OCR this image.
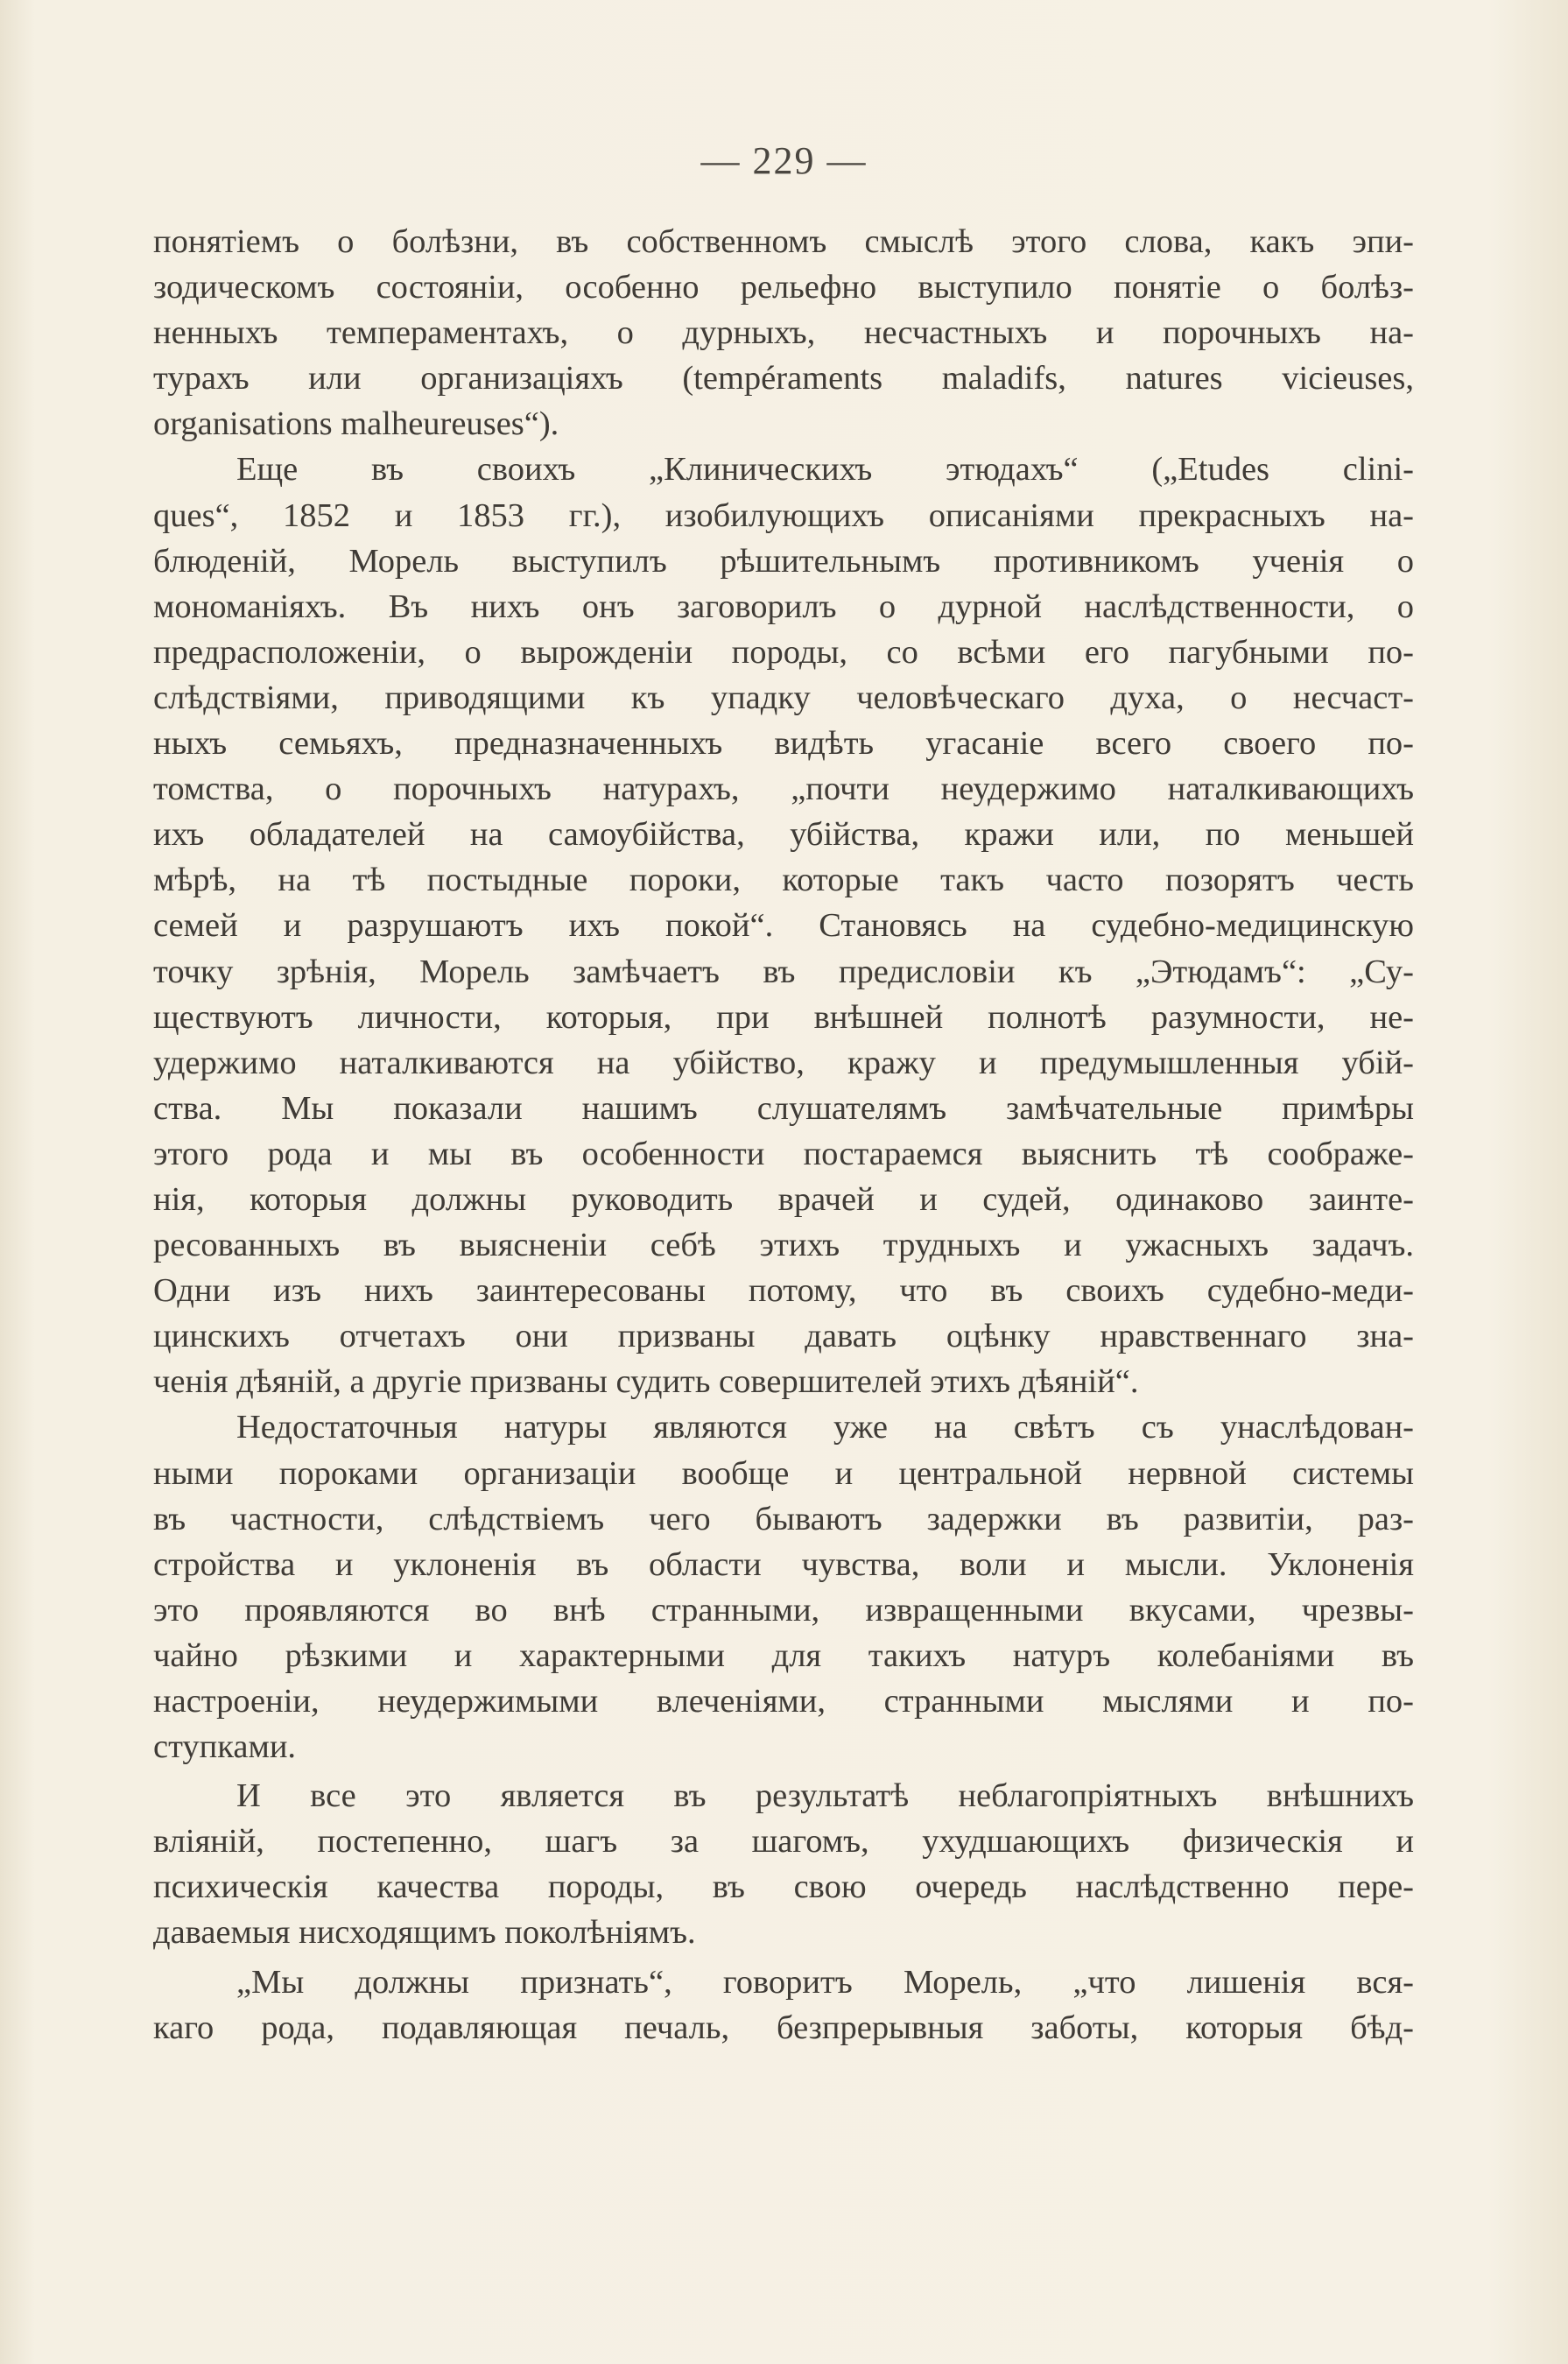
— 229 —
понятіемъ о болѣзни, въ собственномъ смыслѣ этого слова, какъ эпи-
зодическомъ состояніи, особенно рельефно выступило понятіе о болѣз-
ненныхъ темпераментахъ, о дурныхъ, несчастныхъ и порочныхъ на-
турахъ или организаціяхъ (tempéraments maladifs, natures vicieuses,
organisations malheureuses“).
Еще въ своихъ „Клиническихъ этюдахъ“ („Etudes clini-
ques“, 1852 и 1853 гг.), изобилующихъ описаніями прекрасныхъ на-
блюденій, Морель выступилъ рѣшительнымъ противникомъ ученія о
мономаніяхъ. Въ нихъ онъ заговорилъ о дурной наслѣдственности, о
предрасположеніи, о вырожденіи породы, со всѣми его пагубными по-
слѣдствіями, приводящими къ упадку человѣческаго духа, о несчаст-
ныхъ семьяхъ, предназначенныхъ видѣть угасаніе всего своего по-
томства, о порочныхъ натурахъ, „почти неудержимо наталкивающихъ
ихъ обладателей на самоубійства, убійства, кражи или, по меньшей
мѣрѣ, на тѣ постыдные пороки, которые такъ часто позорятъ честь
семей и разрушаютъ ихъ покой“. Становясь на судебно-медицинскую
точку зрѣнія, Морель замѣчаетъ въ предисловіи къ „Этюдамъ“: „Су-
ществуютъ личности, которыя, при внѣшней полнотѣ разумности, не-
удержимо наталкиваются на убійство, кражу и предумышленныя убій-
ства. Мы показали нашимъ слушателямъ замѣчательные примѣры
этого рода и мы въ особенности постараемся выяснить тѣ соображе-
нія, которыя должны руководить врачей и судей, одинаково заинте-
ресованныхъ въ выясненіи себѣ этихъ трудныхъ и ужасныхъ задачъ.
Одни изъ нихъ заинтересованы потому, что въ своихъ судебно-меди-
цинскихъ отчетахъ они призваны давать оцѣнку нравственнаго зна-
ченія дѣяній, а другіе призваны судить совершителей этихъ дѣяній“.
Недостаточныя натуры являются уже на свѣтъ съ унаслѣдован-
ными пороками организаціи вообще и центральной нервной системы
въ частности, слѣдствіемъ чего бываютъ задержки въ развитіи, раз-
стройства и уклоненія въ области чувства, воли и мысли. Уклоненія
это проявляются во внѣ странными, извращенными вкусами, чрезвы-
чайно рѣзкими и характерными для такихъ натуръ колебаніями въ
настроеніи, неудержимыми влеченіями, странными мыслями и по-
ступками.
И все это является въ результатѣ неблагопріятныхъ внѣшнихъ
вліяній, постепенно, шагъ за шагомъ, ухудшающихъ физическія и
психическія качества породы, въ свою очередь наслѣдственно пере-
даваемыя нисходящимъ поколѣніямъ.
„Мы должны признать“, говоритъ Морель, „что лишенія вся-
каго рода, подавляющая печаль, безпрерывныя заботы, которыя бѣд-
